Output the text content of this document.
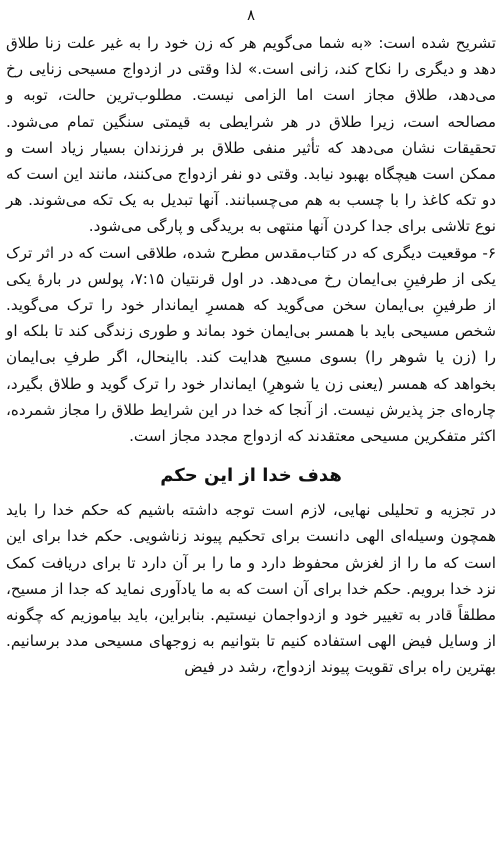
۸

تشریح شده است: «به شما می‌گویم هر که زن خود را به غیر علت زنا طلاق دهد و دیگری را نکاح کند، زانی است.» لذا وقتی در ازدواج مسیحی زنایی رخ می‌دهد، طلاق مجاز است اما الزامی نیست. مطلوب‌ترین حالت، توبه و مصالحه است، زیرا طلاق در هر شرایطی به قیمتی سنگین تمام می‌شود. تحقیقات نشان می‌دهد که تأثیر منفی طلاق بر فرزندان بسیار زیاد است و ممکن است هیچگاه بهبود نیابد. وقتی دو نفر ازدواج می‌کنند، مانند این است که دو تکه کاغذ را با چسب به هم می‌چسبانند. آنها تبدیل به یک تکه می‌شوند. هر نوع تلاشی برای جدا کردن آنها منتهی به بریدگی و پارگی می‌شود.

۶- موقعیت دیگری که در کتاب‌مقدس مطرح شده، طلاقی است که در اثر ترک یکی از طرفینِ بی‌ایمان رخ می‌دهد. در اول قرنتیان ۷:۱۵، پولس در بارهٔ یکی از طرفینِ بی‌ایمان سخن می‌گوید که همسرِ ایماندار خود را ترک می‌گوید. شخص مسیحی باید با همسر بی‌ایمان خود بماند و طوری زندگی کند تا بلکه او را (زن یا شوهر را) بسوی مسیح هدایت کند. بااینحال، اگر طرفِ بی‌ایمان بخواهد که همسر (یعنی زن یا شوهرِ) ایماندار خود را ترک گوید و طلاق بگیرد، چاره‌ای جز پذیرش نیست. از آنجا که خدا در این شرایط طلاق را مجاز شمرده، اکثر متفکرین مسیحی معتقدند که ازدواج مجدد مجاز است.

هدف خدا از این حکم

در تجزیه و تحلیلی نهایی، لازم است توجه داشته باشیم که حکم خدا را باید همچون وسیله‌ای الهی دانست برای تحکیم پیوند زناشویی. حکم خدا برای این است که ما را از لغزش محفوظ دارد و ما را بر آن دارد تا برای دریافت کمک نزد خدا برویم. حکم خدا برای آن است که به ما یادآوری نماید که جدا از مسیح، مطلقاً قادر به تغییر خود و ازدواجمان نیستیم. بنابراین، باید بیاموزیم که چگونه از وسایل فیض الهی استفاده کنیم تا بتوانیم به زوجهای مسیحی مدد برسانیم. بهترین راه برای تقویت پیوند ازدواج، رشد در فیض
